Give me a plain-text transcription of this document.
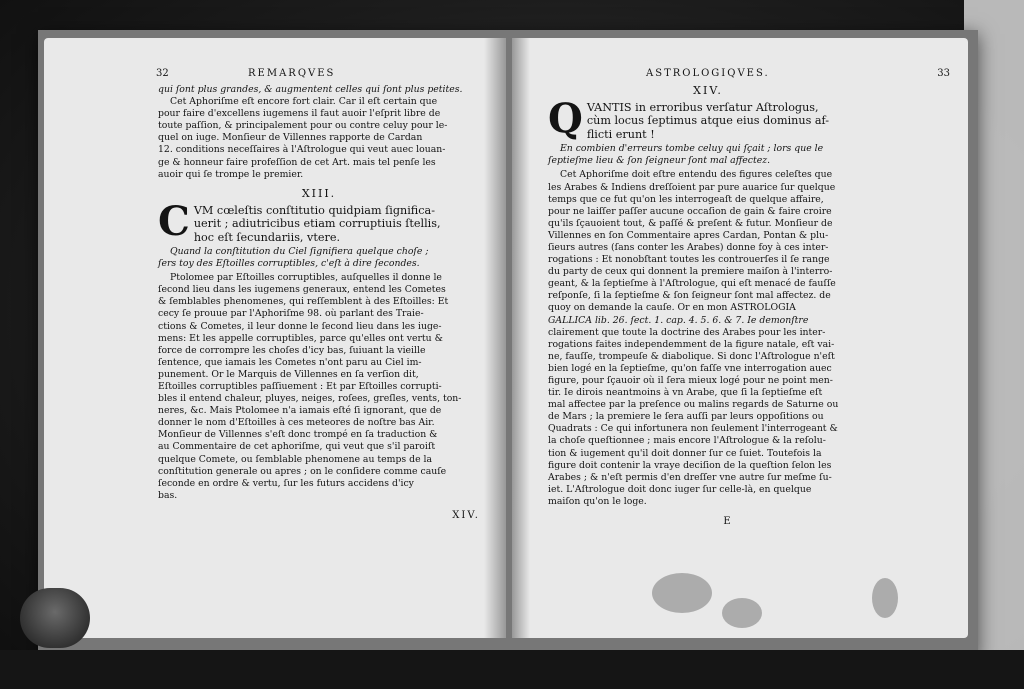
32	REMARQVES

qui ſont plus grandes, & augmentent celles qui ſont plus petites.

Cet Aphoriſme eſt encore fort clair. Car il eſt certain que

pour faire d'excellens iugemens il faut auoir l'eſprit libre de

toute paſſion, & principalement pour ou contre celuy pour le-

quel on iuge. Monſieur de Villennes rapporte de Cardan

12. conditions neceſſaires à l'Aſtrologue qui veut auec louan-

ge & honneur faire profeſſion de cet Art. mais tel penſe les

auoir qui ſe trompe le premier.

XIII.
C VM cœleſtis conſtitutio quidpiam ſignifica-

uerit ; adiutricibus etiam corruptiuis ſtellis,

hoc eſt ſecundariis, vtere.

Quand la conſtitution du Ciel ſignifiera quelque choſe ;

ſers toy des Eſtoilles corruptibles, c'eſt à dire ſecondes.

Ptolomee par Eſtoilles corruptibles, auſquelles il donne le

ſecond lieu dans les iugemens generaux, entend les Cometes

& ſemblables phenomenes, qui reſſemblent à des Eſtoilles: Et

cecy ſe prouue par l'Aphoriſme 98. où parlant des Traie-

ctions & Cometes, il leur donne le ſecond lieu dans les iuge-

mens: Et les appelle corruptibles, parce qu'elles ont vertu &

force de corrompre les choſes d'icy bas, ſuiuant la vieille

ſentence, que iamais les Cometes n'ont paru au Ciel im-

punement. Or le Marquis de Villennes en ſa verſion dit,

Eſtoilles corruptibles paſſiuement : Et par Eſtoilles corrupti-

bles il entend chaleur, pluyes, neiges, roſees, greſles, vents, ton-

neres, &c. Mais Ptolomee n'a iamais eſté ſi ignorant, que de

donner le nom d'Eſtoilles à ces meteores de noſtre bas Air.

Monſieur de Villennes s'eſt donc trompé en ſa traduction &

au Commentaire de cet aphoriſme, qui veut que s'il paroiſt

quelque Comete, ou ſemblable phenomene au temps de la

conſtitution generale ou apres ; on le conſidere comme cauſe

ſeconde en ordre & vertu, ſur les futurs accidens d'icy

bas.

XIV.
ASTROLOGIQVES.	33
XIV.
Q VANTIS in erroribus verſatur Aſtrologus,

cùm locus ſeptimus atque eius dominus af-

flicti erunt !

En combien d'erreurs tombe celuy qui ſçait ; lors que le

ſeptieſme lieu & ſon ſeigneur ſont mal affectez.

Cet Aphoriſme doit eſtre entendu des figures celeſtes que

les Arabes & Indiens dreſſoient par pure auarice ſur quelque

temps que ce fut qu'on les interrogeaſt de quelque affaire,

pour ne laiſſer paſſer aucune occaſion de gain & faire croire

qu'ils ſçauoient tout, & paſſé & preſent & futur. Monſieur de

Villennes en ſon Commentaire apres Cardan, Pontan & plu-

ſieurs autres (ſans conter les Arabes) donne foy à ces inter-

rogations : Et nonobſtant toutes les controuerſes il ſe range

du party de ceux qui donnent la premiere maiſon à l'interro-

geant, & la ſeptieſme à l'Aſtrologue, qui eſt menacé de fauſſe

reſponſe, ſi la ſeptieſme & ſon ſeigneur ſont mal affectez. de

quoy on demande la cauſe. Or en mon ASTROLOGIA

GALLICA lib. 26. ſect. 1. cap. 4. 5. 6. & 7. Ie demonſtre

clairement que toute la doctrine des Arabes pour les inter-

rogations faites independemment de la figure natale, eſt vai-

ne, fauſſe, trompeuſe & diabolique. Si donc l'Aſtrologue n'eſt

bien logé en la ſeptieſme, qu'on faſſe vne interrogation auec

figure, pour ſçauoir où il ſera mieux logé pour ne point men-

tir. Ie dirois neantmoins à vn Arabe, que ſi la ſeptieſme eſt

mal affectee par la preſence ou malins regards de Saturne ou

de Mars ; la premiere le ſera auſſi par leurs oppoſitions ou

Quadrats : Ce qui infortunera non ſeulement l'interrogeant &

la choſe queſtionnee ; mais encore l'Aſtrologue & la reſolu-

tion & iugement qu'il doit donner ſur ce ſuiet. Toutefois la

figure doit contenir la vraye deciſion de la queſtion ſelon les

Arabes ; & n'eſt permis d'en dreſſer vne autre ſur meſme ſu-

iet. L'Aſtrologue doit donc iuger ſur celle-là, en quelque

maiſon qu'on le loge.

E
